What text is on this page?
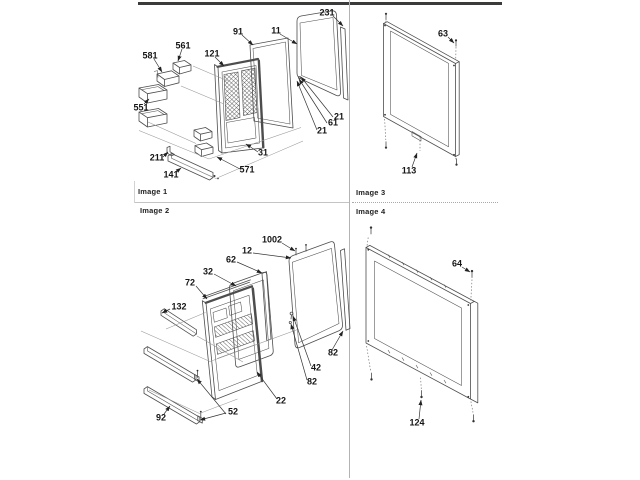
Image 1
Image 2
Image 3
Image 4
581
561
121
91	11
231
551
211
141	571
31
21
61
21
1002
12
62
32
72
132
92
52
22
42
82
82
63
113
64
124
